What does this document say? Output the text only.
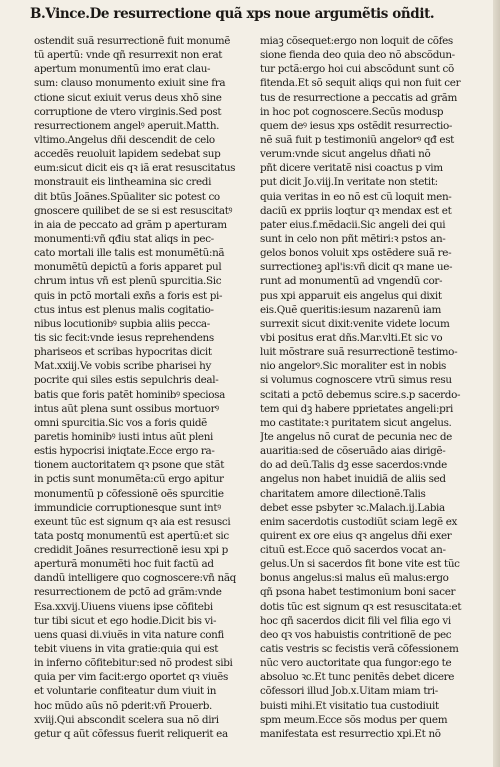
B.Vince.De resurrectione quã xps noue argumẽtis oñdit.
ostendit suã resurrectionẽ fuit monumẽ
tũ apertũ: vnde qñ resurrexit non erat
apertum monumentũ imo erat clau-
sum: clauso monumento exiuit sine fra
ctione sicut exiuit verus deus xhõ sine
corruptione de vtero virginis.Sed post
resurrectionem angelꝰ aperuit.Matth.
vltimo.Angelus dñi descendit de celo
accedẽs reuoluit lapidem sedebat sup
eum:sicut dicit eis qꝛ iã erat resuscitatus
monstrauit eis lintheamina sic credi
dit btũs Joãnes.Spũaliter sic potest co
gnoscere quilibet de se si est resuscitatꝰ
in aia de peccato ad grãm p aperturam
monumenti:vñ qđiu stat aliqs in pec-
cato mortali ille talis est monumẽtũ:nã
monumẽtũ depictũ a foris apparet pul
chrum intus vñ est plenũ spurcitia.Sic
quis in pctõ mortali exñs a foris est pi-
ctus intus est plenus malis cogitatio-
nibus locutionibꝰ supbia aliis pecca-
tis sic fecit:vnde iesus reprehendens
phariseos et scribas hypocritas dicit
Mat.xxiij.Ve vobis scribe pharisei hy
pocrite qui siles estis sepulchris deal-
batis que foris patẽt hominibꝰ speciosa
intus aũt plena sunt ossibus mortuorꝰ
omni spurcitia.Sic vos a foris quidẽ
paretis hominibꝰ iusti intus aũt pleni
estis hypocrisi iniqtate.Ecce ergo ra-
tionem auctoritatem qꝛ psone que stãt
in pctis sunt monumẽta:cũ ergo apitur
monumentũ p cõfessionẽ oẽs spurcitie
immundicie corruptionesque sunt intꝰ
exeunt tũc est signum qꝛ aia est resusci
tata postq monumentũ est apertũ:et sic
credidit Joãnes resurrectionẽ iesu xpi p
aperturã monumẽti hoc fuit factũ ad
dandũ intelligere quo cognoscere:vñ nãq
resurrectionem de pctõ ad grãm:vnde
Esa.xxvij.Uiuens viuens ipse cõfitebi
tur tibi sicut et ego hodie.Dicit bis vi-
uens quasi di.viuẽs in vita nature confi
tebit viuens in vita gratie:quia qui est
in inferno cõfitebitur:sed nõ prodest sibi
quia per vim facit:ergo oportet qꝛ viuẽs
et voluntarie confiteatur dum viuit in
hoc mũdo aũs nõ pderit:vñ Prouerb.
xviij.Qui abscondit scelera sua nõ diri
getur q aũt cõfessus fuerit reliquerit ea
miaꝫ cõsequet:ergo non loquit de cõfes
sione fienda deo quia deo nõ abscõdun-
tur pctã:ergo hoi cui abscõdunt sunt cõ
fitenda.Et sõ sequit aliqs qui non fuit cer
tus de resurrectione a peccatis ad grãm
in hoc pot cognoscere.Secũs modusp
quem deꝰ iesus xps ostẽdit resurrectio-
nẽ suã fuit p testimoniũ angelorꝰ qđ est
verum:vnde sicut angelus dñati nõ
pñt dicere veritatẽ nisi coactus p vim
put dicit Jo.viij.In veritate non stetit:
quia veritas in eo nõ est cũ loquit men-
daciũ ex ppriis loqtur qꝛ mendax est et
pater eius.f.mẽdacii.Sic angeli dei qui
sunt in celo non pñt mẽtiri:ꝛ pstos an-
gelos bonos voluit xps ostẽdere suã re-
surrectioneꝫ apl'is:vñ dicit qꝛ mane ue-
runt ad monumentũ ad vngendũ cor-
pus xpi apparuit eis angelus qui dixit
eis.Quẽ queritis:iesum nazarenũ iam
surrexit sicut dixit:venite videte locum
vbi positus erat dñs.Mar.vlti.Et sic vo
luit mõstrare suã resurrectionẽ testimo-
nio angelorꝰ.Sic moraliter est in nobis
si volumus cognoscere vtrũ simus resu
scitati a pctõ debemus scire.s.p sacerdo-
tem qui dꝫ habere pprietates angeli:pri
mo castitate:ꝛ puritatem sicut angelus.
Jte angelus nõ curat de pecunia nec de
auaritia:sed de cõseruãdo aias dirigẽ-
do ad deũ.Talis dꝫ esse sacerdos:vnde
angelus non habet inuidiã de aliis sed
charitatem amore dilectionẽ.Talis
debet esse psbyter ꝛc.Malach.ij.Labia
enim sacerdotis custodiũt sciam legẽ ex
quirent ex ore eius qꝛ angelus dñi exer
cituũ est.Ecce quõ sacerdos vocat an-
gelus.Un si sacerdos fit bone vite est tũc
bonus angelus:si malus eũ malus:ergo
qñ psona habet testimonium boni sacer
dotis tũc est signum qꝛ est resuscitata:et
hoc qñ sacerdos dicit fili vel filia ego vi
deo qꝛ vos habuistis contritionẽ de pec
catis vestris sc fecistis verã cõfessionem
nũc vero auctoritate qua fungor:ego te
absoluo ꝛc.Et tunc penitẽs debet dicere
cõfessori illud Job.x.Uitam miam tri-
buisti mihi.Et visitatio tua custodiuit
spm meum.Ecce sõs modus per quem
manifestata est resurrectio xpi.Et nõ
